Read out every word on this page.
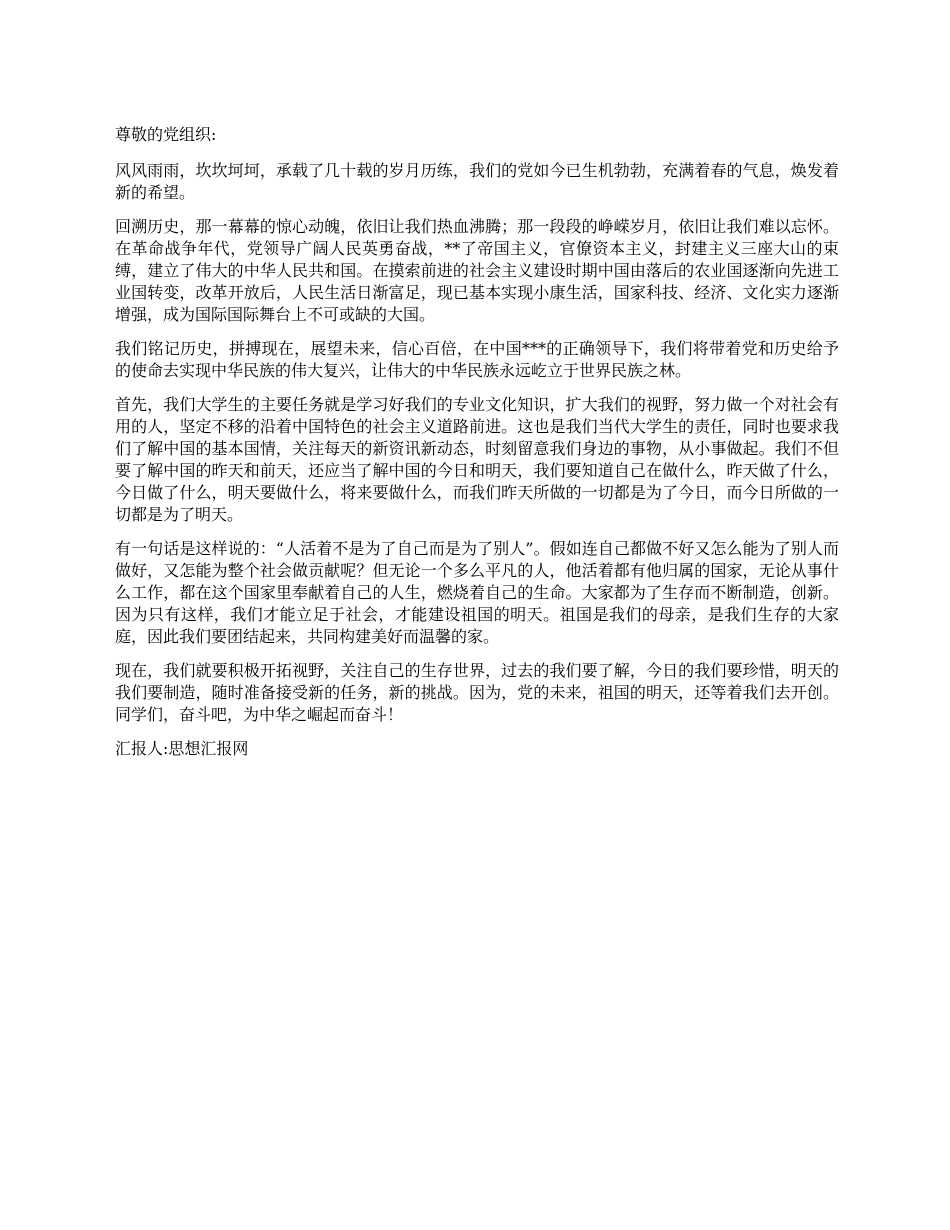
尊敬的党组织:

风风雨雨，坎坎坷坷，承载了几十载的岁月历练，我们的党如今已生机勃勃，充满着春的气息，焕发着新的希望。

回溯历史，那一幕幕的惊心动魄，依旧让我们热血沸腾；那一段段的峥嵘岁月，依旧让我们难以忘怀。 在革命战争年代，党领导广阔人民英勇奋战，**了帝国主义，官僚资本主义，封建主义三座大山的束缚，建立了伟大的中华人民共和国。在摸索前进的社会主义建设时期中国由落后的农业国逐渐向先进工业国转变，改革开放后，人民生活日渐富足，现已基本实现小康生活，国家科技、经济、文化实力逐渐增强，成为国际国际舞台上不可或缺的大国。

我们铭记历史，拼搏现在，展望未来，信心百倍，在中国***的正确领导下，我们将带着党和历史给予的使命去实现中华民族的伟大复兴，让伟大的中华民族永远屹立于世界民族之林。

首先，我们大学生的主要任务就是学习好我们的专业文化知识，扩大我们的视野，努力做一个对社会有用的人，坚定不移的沿着中国特色的社会主义道路前进。这也是我们当代大学生的责任，同时也要求我们了解中国的基本国情，关注每天的新资讯新动态，时刻留意我们身边的事物，从小事做起。我们不但要了解中国的昨天和前天，还应当了解中国的今日和明天，我们要知道自己在做什么，昨天做了什么，今日做了什么，明天要做什么，将来要做什么，而我们昨天所做的一切都是为了今日，而今日所做的一切都是为了明天。

有一句话是这样说的：“人活着不是为了自己而是为了别人”。假如连自己都做不好又怎么能为了别人而做好，又怎能为整个社会做贡献呢？但无论一个多么平凡的人，他活着都有他归属的国家，无论从事什么工作，都在这个国家里奉献着自己的人生，燃烧着自己的生命。大家都为了生存而不断制造，创新。因为只有这样，我们才能立足于社会，才能建设祖国的明天。祖国是我们的母亲，是我们生存的大家庭，因此我们要团结起来，共同构建美好而温馨的家。

现在，我们就要积极开拓视野，关注自己的生存世界，过去的我们要了解，今日的我们要珍惜，明天的我们要制造，随时准备接受新的任务，新的挑战。因为，党的未来，祖国的明天，还等着我们去开创。同学们，奋斗吧，为中华之崛起而奋斗！

汇报人:思想汇报网
